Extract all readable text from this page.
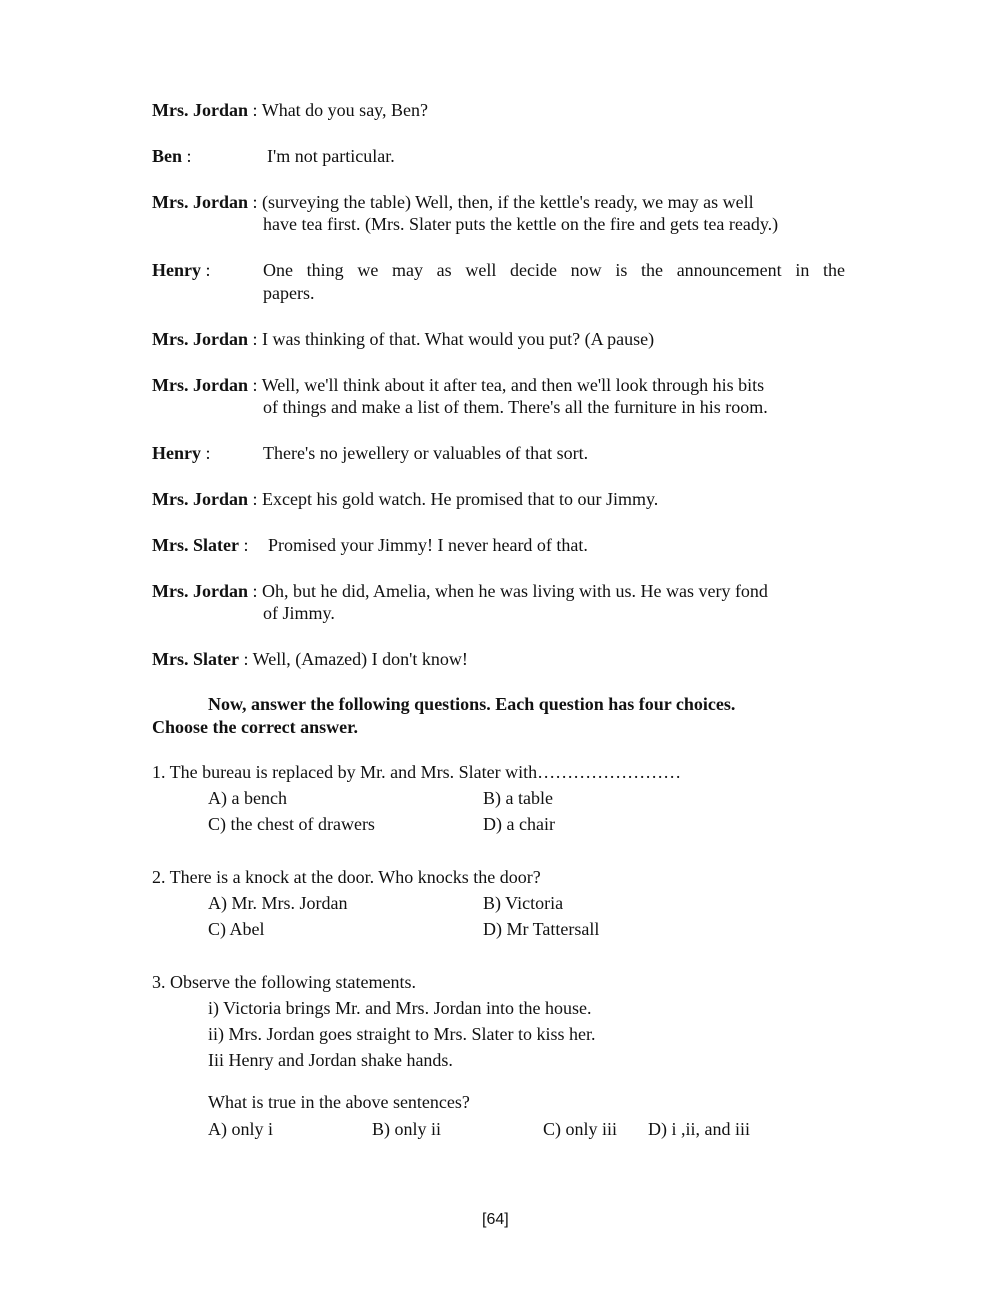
Mrs. Jordan : What do you say, Ben?
Ben :	I'm not particular.
Mrs. Jordan : (surveying the table) Well, then, if the kettle's ready, we may as well
have tea first. (Mrs. Slater puts the kettle on the fire and gets tea ready.)
Henry :	One thing we may as well decide now is the announcement in the
papers.
Mrs. Jordan : I was thinking of that. What would you put? (A pause)
Mrs. Jordan : Well, we'll think about it after tea, and then we'll look through his bits
of things and make a list of them. There's all the furniture in his room.
Henry :	There's no jewellery or valuables of that sort.
Mrs. Jordan : Except his gold watch. He promised that to our Jimmy.
Mrs. Slater : Promised your Jimmy! I never heard of that.
Mrs. Jordan : Oh, but he did, Amelia, when he was living with us. He was very fond
of Jimmy.
Mrs. Slater : Well, (Amazed) I don't know!
Now, answer the following questions. Each question has four choices.
Choose the correct answer.
1. The bureau is replaced by Mr. and Mrs. Slater with……………………
A) a bench	B) a table
C) the chest of drawers	D) a chair
2. There is a knock at the door. Who knocks the door?
A) Mr. Mrs. Jordan	B) Victoria
C) Abel	D) Mr Tattersall
3. Observe the following statements.
i) Victoria brings Mr. and Mrs. Jordan into the house.
ii) Mrs. Jordan goes straight to Mrs. Slater to kiss her.
Iii Henry and Jordan shake hands.
What is true in the above sentences?
A) only i	B) only ii	C) only iii D) i ,ii, and iii
[64]
